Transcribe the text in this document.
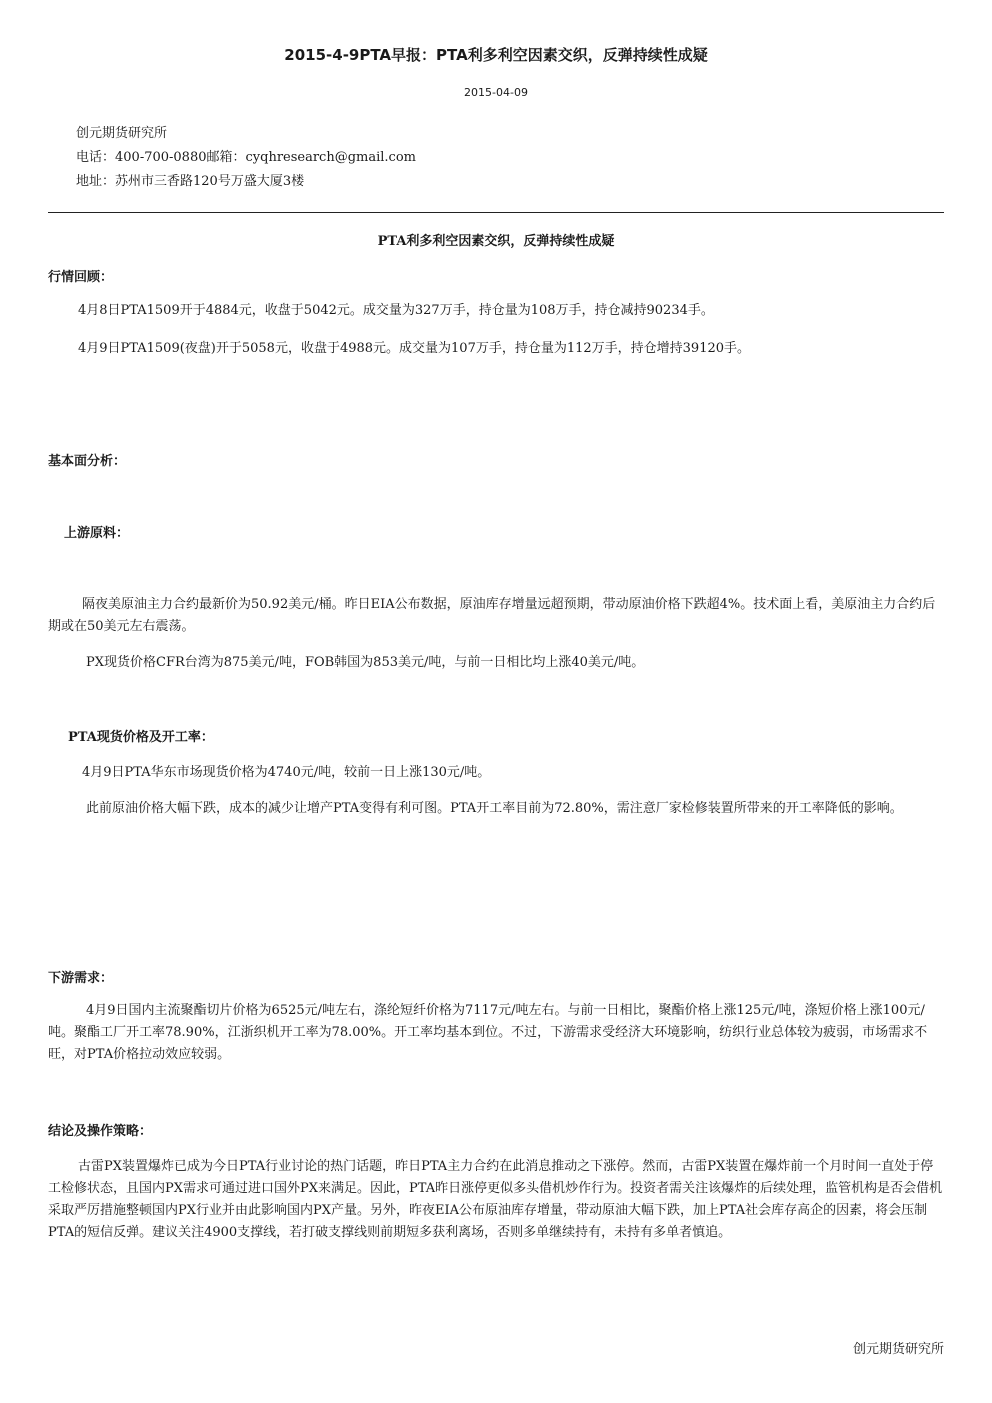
2015-4-9PTA早报：PTA利多利空因素交织，反弹持续性成疑
2015-04-09
创元期货研究所
电话：400-700-0880邮箱：cyqhresearch@gmail.com
地址：苏州市三香路120号万盛大厦3楼
PTA利多利空因素交织，反弹持续性成疑
行情回顾：
4月8日PTA1509开于4884元，收盘于5042元。成交量为327万手，持仓量为108万手，持仓减持90234手。
4月9日PTA1509(夜盘)开于5058元，收盘于4988元。成交量为107万手，持仓量为112万手，持仓增持39120手。
基本面分析：
上游原料：
隔夜美原油主力合约最新价为50.92美元/桶。昨日EIA公布数据，原油库存增量远超预期，带动原油价格下跌超4%。技术面上看，美原油主力合约后期或在50美元左右震荡。
PX现货价格CFR台湾为875美元/吨，FOB韩国为853美元/吨，与前一日相比均上涨40美元/吨。
PTA现货价格及开工率：
4月9日PTA华东市场现货价格为4740元/吨，较前一日上涨130元/吨。
此前原油价格大幅下跌，成本的减少让增产PTA变得有利可图。PTA开工率目前为72.80%，需注意厂家检修装置所带来的开工率降低的影响。
下游需求：
4月9日国内主流聚酯切片价格为6525元/吨左右，涤纶短纤价格为7117元/吨左右。与前一日相比，聚酯价格上涨125元/吨，涤短价格上涨100元/吨。聚酯工厂开工率78.90%，江浙织机开工率为78.00%。开工率均基本到位。不过，下游需求受经济大环境影响，纺织行业总体较为疲弱，市场需求不旺，对PTA价格拉动效应较弱。
结论及操作策略：
古雷PX装置爆炸已成为今日PTA行业讨论的热门话题，昨日PTA主力合约在此消息推动之下涨停。然而，古雷PX装置在爆炸前一个月时间一直处于停工检修状态，且国内PX需求可通过进口国外PX来满足。因此，PTA昨日涨停更似多头借机炒作行为。投资者需关注该爆炸的后续处理，监管机构是否会借机采取严厉措施整顿国内PX行业并由此影响国内PX产量。另外，昨夜EIA公布原油库存增量，带动原油大幅下跌，加上PTA社会库存高企的因素，将会压制PTA的短信反弹。建议关注4900支撑线，若打破支撑线则前期短多获利离场，否则多单继续持有，未持有多单者慎追。
创元期货研究所
